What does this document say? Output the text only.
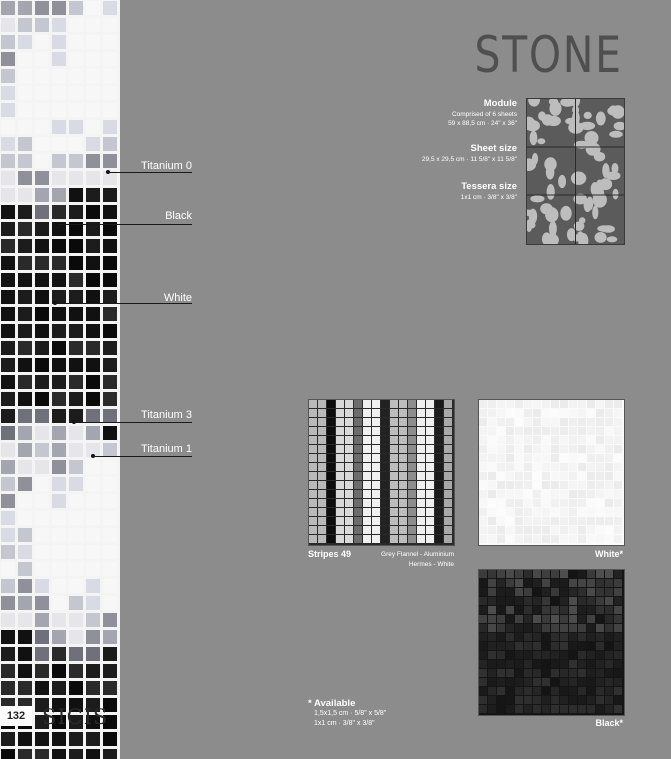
Titanium 0
Black
White
Titanium 3
Titanium 1
STONE
Module
Comprised of 6 sheets
59 x 88,5 cm · 24" x 36"
Sheet size
29,5 x 29,5 cm · 11 5/8" x 11 5/8"
Tessera size
1x1 cm · 3/8" x 3/8"
Stripes 49	Grey Flannel - Aluminium
Hermes - White
White*
Black*
* Available
1,5x1,5 cm · 5/8" x 5/8"
1x1 cm · 3/8" x 3/8"
132 SICIS
